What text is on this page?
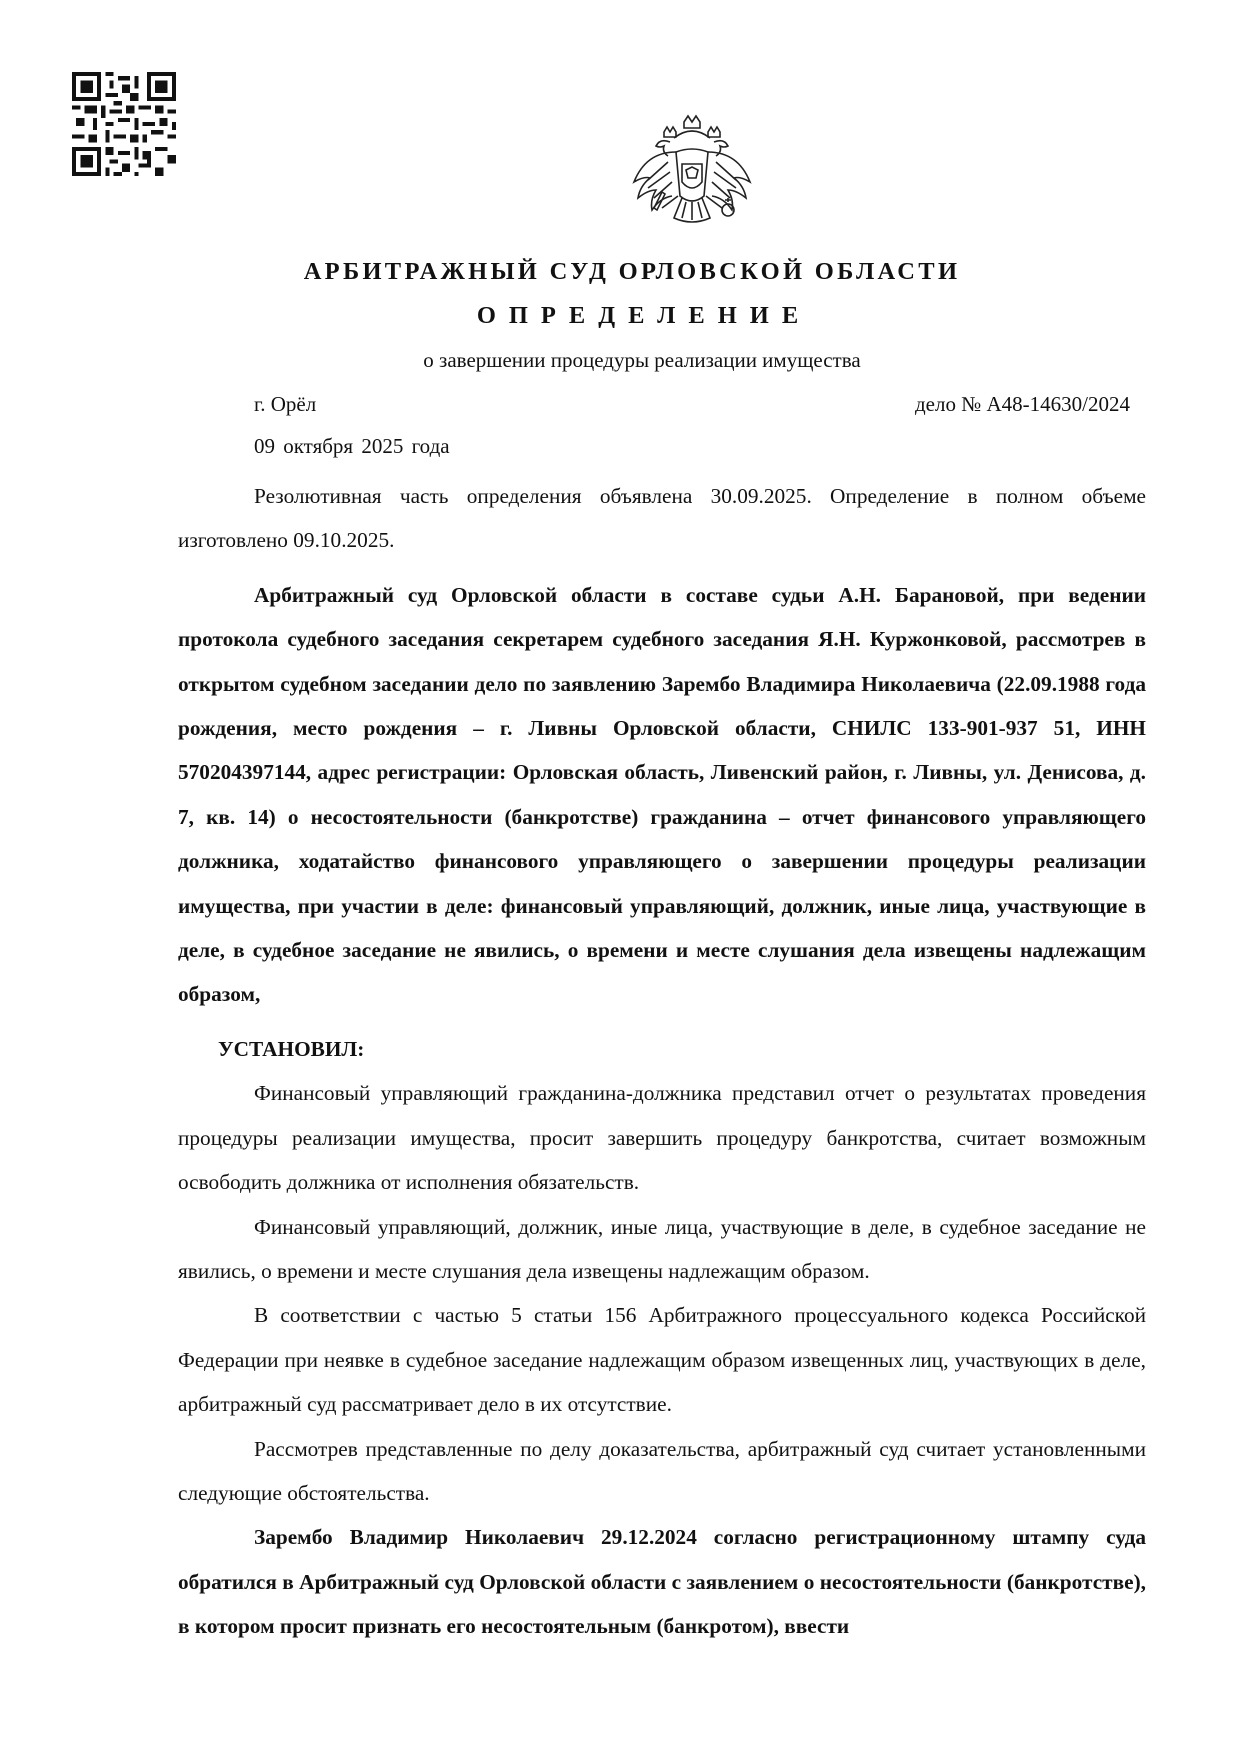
АРБИТРАЖНЫЙ СУД ОРЛОВСКОЙ ОБЛАСТИ
ОПРЕДЕЛЕНИЕ
о завершении процедуры реализации имущества
г. Орёл	дело № А48-14630/2024
09 октября 2025 года

Резолютивная часть определения объявлена 30.09.2025. Определение в полном объеме изготовлено 09.10.2025.

Арбитражный суд Орловской области в составе судьи А.Н. Барановой, при ведении протокола судебного заседания секретарем судебного заседания Я.Н. Куржонковой, рассмотрев в открытом судебном заседании дело по заявлению Зарембо Владимира Николаевича (22.09.1988 года рождения, место рождения – г. Ливны Орловской области, СНИЛС 133-901-937 51, ИНН 570204397144, адрес регистрации: Орловская область, Ливенский район, г. Ливны, ул. Денисова, д. 7, кв. 14) о несостоятельности (банкротстве) гражданина – отчет финансового управляющего должника, ходатайство финансового управляющего о завершении процедуры реализации имущества, при участии в деле: финансовый управляющий, должник, иные лица, участвующие в деле, в судебное заседание не явились, о времени и месте слушания дела извещены надлежащим образом,

УСТАНОВИЛ:

Финансовый управляющий гражданина-должника представил отчет о результатах проведения процедуры реализации имущества, просит завершить процедуру банкротства, считает возможным освободить должника от исполнения обязательств.

Финансовый управляющий, должник, иные лица, участвующие в деле, в судебное заседание не явились, о времени и месте слушания дела извещены надлежащим образом.

В соответствии с частью 5 статьи 156 Арбитражного процессуального кодекса Российской Федерации при неявке в судебное заседание надлежащим образом извещенных лиц, участвующих в деле, арбитражный суд рассматривает дело в их отсутствие.

Рассмотрев представленные по делу доказательства, арбитражный суд считает установленными следующие обстоятельства.

Зарембо Владимир Николаевич 29.12.2024 согласно регистрационному штампу суда обратился в Арбитражный суд Орловской области с заявлением о несостоятельности (банкротстве), в котором просит признать его несостоятельным (банкротом), ввести
